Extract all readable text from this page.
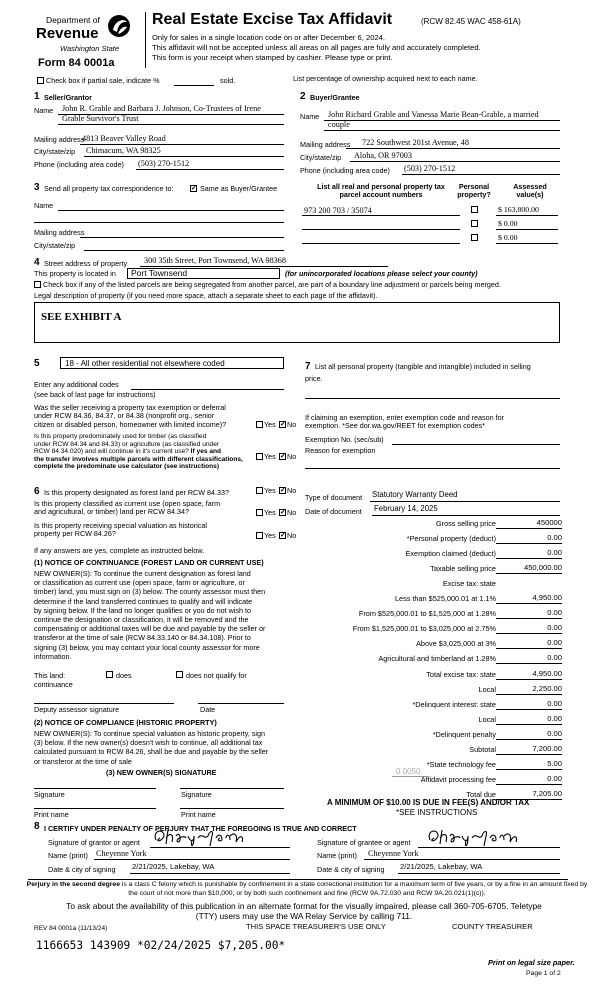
Department of
Revenue
Washington State
Form 84 0001a
Real Estate Excise Tax Affidavit	(RCW 82.45 WAC 458-61A)
Only for sales in a single location code on or after December 6, 2024.
This affidavit will not be accepted unless all areas on all pages are fully and accurately completed.
This form is your receipt when stamped by cashier. Please type or print.
Check box if partial sale, indicate %	sold.	List percentage of ownership acquired next to each name.
1 Seller/Grantor
Name John R. Grable and Barbara J. Johnson, Co-Trustees of Irene
Grable Survivor's Trust
Mailing address
4813 Beaver Valley Road
City/state/zip Chimacum, WA 98325
Phone (including area code) (503) 270-1512
2 Buyer/Grantee
Name John Richard Grable and Vanessa Marie Bean-Grable, a married
couple
Mailing address 722 Southwest 201st Avenue, 48
City/state/zip Aloha, OR 97003
Phone (including area code) (503) 270-1512
3 Send all property tax correspondence to:	✓ Same as Buyer/Grantee
Name
Mailing address
City/state/zip
List all real and personal property tax
parcel account numbers
Personal
property?
Assessed
value(s)
973 200 703 / 35074	$ 163,800.00
$ 0.00
$ 0.00
4 Street address of property 300 35th Street, Port Townsend, WA 98368
This property is located in Port Townsend	(for unincorporated locations please select your county)
Check box if any of the listed parcels are being segregated from another parcel, are part of a boundary line adjustment or parcels being merged.
Legal description of property (if you need more space, attach a separate sheet to each page of the affidavit).
SEE EXHIBIT A
5	18 - All other residential not elsewhere coded
Enter any additional codes
(see back of last page for instructions)
Was the seller receiving a property tax exemption or deferral
under RCW 84.36, 84.37, or 84.38 (nonprofit org., senior
citizen or disabled person, homeowner with limited income)?	Yes ✓ No
Is this property predominately used for timber (as classified
under RCW 84.34 and 84.33) or agriculture (as classified under
RCW 84.34.020) and will continue in it's current use? If yes and
the transfer involves multiple parcels with different classifications,
complete the predominate use calculator (see instructions)
Yes ✓ No
6 Is this property designated as forest land per RCW 84.33?	Yes ✓ No
Is this property classified as current use (open space, farm
and agricultural, or timber) land per RCW 84.34?	Yes ✓ No
Is this property receiving special valuation as historical
property per RCW 84.26?	Yes ✓ No
If any answers are yes, complete as instructed below.
(1) NOTICE OF CONTINUANCE (FOREST LAND OR CURRENT USE)
NEW OWNER(S): To continue the current designation as forest land
or classification as current use (open space, farm or agriculture, or
timber) land, you must sign on (3) below. The county assessor must then
determine if the land transferred continues to qualify and will indicate
by signing below. If the land no longer qualifies or you do not wish to
continue the designation or classification, it will be removed and the
compensating or additional taxes will be due and payable by the seller or
transferor at the time of sale (RCW 84.33.140 or 84.34.108). Prior to
signing (3) below, you may contact your local county assessor for more
information.
This land:
continuance
does	does not qualify for
Deputy assessor signature	Date
(2) NOTICE OF COMPLIANCE (HISTORIC PROPERTY)
NEW OWNER(S): To continue special valuation as historic property, sign
(3) below. If the new owner(s) doesn't wish to continue, all additional tax
calculated pursuant to RCW 84.26, shall be due and payable by the seller
or transferor at the time of sale
(3) NEW OWNER(S) SIGNATURE
Signature	Signature
Print name	Print name
7 List all personal property (tangible and intangible) included in selling
price.
If claiming an exemption, enter exemption code and reason for
exemption. *See dor.wa.gov/REET for exemption codes*
Exemption No. (sec/sub)
Reason for exemption
Type of document Statutory Warranty Deed
Date of document February 14, 2025
Gross selling price	450000
*Personal property (deduct)	0.00
Exemption claimed (deduct)	0.00
Taxable selling price	450,000.00
Excise tax: state
Less than $525,000.01 at 1.1%	4,950.00
From $525,000.01 to $1,525,000 at 1.28%	0.00
From $1,525,000.01 to $3,025,000 at 2.75%	0.00
Above $3,025,000 at 3%	0.00
Agricultural and timberland at 1.28%	0.00
Total excise tax: state	4,950.00
Local	2,250.00
*Delinquent interest: state	0.00
Local	0.00
*Delinquent penalty	0.00
Subtotal	7,200.00
*State technology fee	5.00
Affidavit processing fee	0.00
Total due	7,205.00
0.0050
A MINIMUM OF $10.00 IS DUE IN FEE(S) AND/OR TAX
*SEE INSTRUCTIONS
8 I CERTIFY UNDER PENALTY OF PERJURY THAT THE FOREGOING IS TRUE AND CORRECT
Signature of grantor or agent
Name (print) Cheyenne York
Date & city of signing 2/21/2025, Lakebay, WA
Signature of grantee or agent
Name (print) Cheyenne York
Date & city of signing 2/21/2025, Lakebay, WA
Perjury in the second degree is a class C felony which is punishable by confinement in a state correctional institution for a maximum term of five years, or by a fine in an amount fixed by the court of not more than $10,000, or by both such confinement and fine (RCW 9A.72.030 and RCW 9A.20.021(1)(c)).
To ask about the availability of this publication in an alternate format for the visually impaired, please call 360-705-6705. Teletype
(TTY) users may use the WA Relay Service by calling 711.
REV 84 0001a (11/13/24)	THIS SPACE TREASURER'S USE ONLY	COUNTY TREASURER
1166653 143909 *02/24/2025 $7,205.00*
Print on legal size paper.
Page 1 of 2
